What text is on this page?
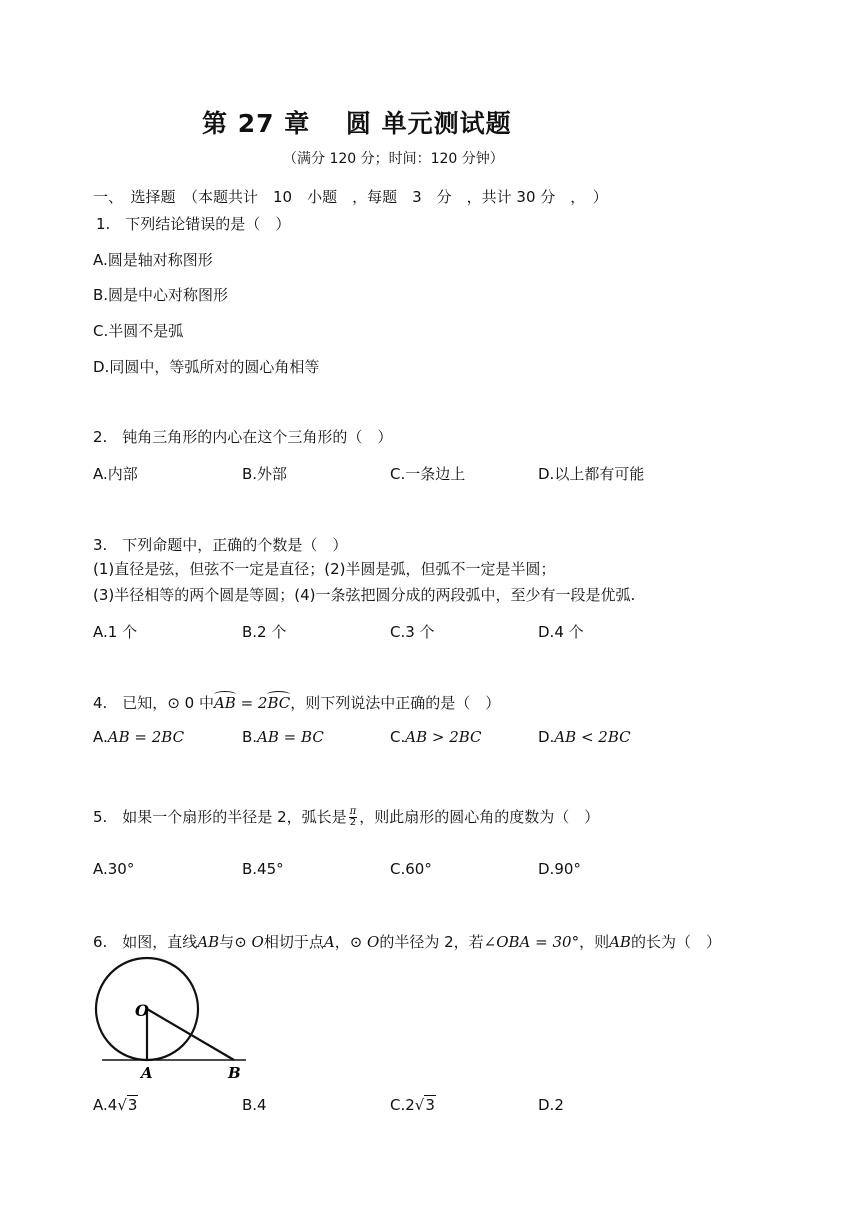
第 27 章　 圆 单元测试题
（满分 120 分；时间：120 分钟）
一、　选择题　（本题共计　10　小题　，每题　3　分　，共计 30 分　，　）
1.　下列结论错误的是（　）
A.圆是轴对称图形
B.圆是中心对称图形
C.半圆不是弧
D.同圆中，等弧所对的圆心角相等
2.　钝角三角形的内心在这个三角形的（　）
A.内部	B.外部	C.一条边上	D.以上都有可能
3.　下列命题中，正确的个数是（　）
(1)直径是弦，但弦不一定是直径；(2)半圆是弧，但弧不一定是半圆；
(3)半径相等的两个圆是等圆；(4)一条弦把圆分成的两段弧中，至少有一段是优弧.
A.1 个	B.2 个	C.3 个	D.4 个
4.　已知，⊙ 0 中AB = 2BC，则下列说法中正确的是（　）
A.AB = 2BC	B.AB = BC	C.AB > 2BC	D.AB < 2BC
5.　如果一个扇形的半径是 2，弧长是 $\frac{\pi}{2}$ ，则此扇形的圆心角的度数为（　）
A.30°	B.45°	C.60°	D.90°
6.　如图，直线AB与⊙ O相切于点A，⊙ O的半径为 2，若∠OBA = 30°，则AB的长为（　）
O
A	B
A.4√3	B.4	C.2√3	D.2
